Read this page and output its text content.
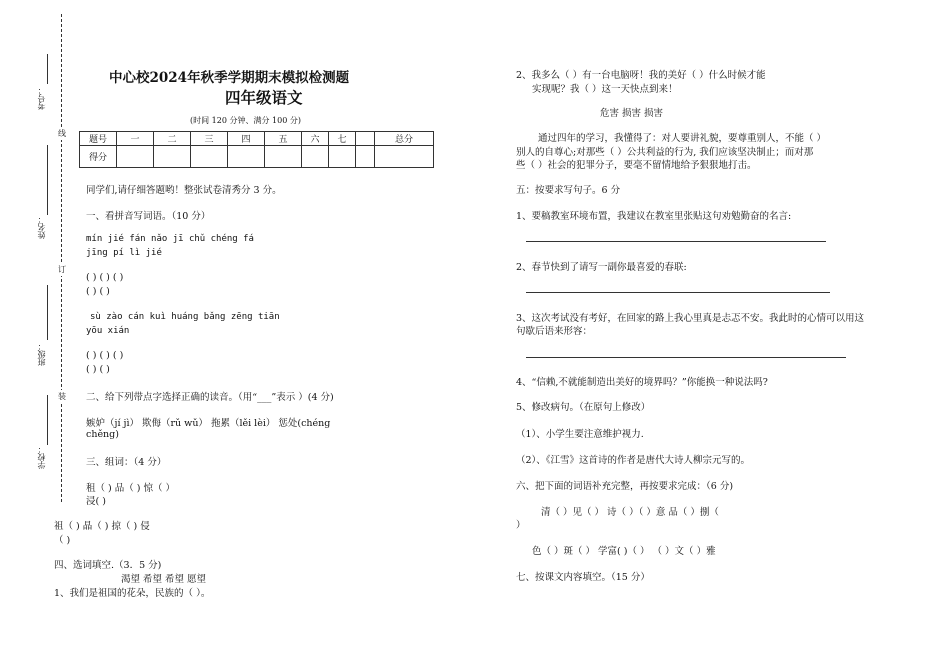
考号：
姓名：
班级：
学校：
线
订
装
中心校2024年秋季学期期末模拟检测题
四年级语文
(时间 120 分钟、满分 100 分)
题号	一	二	三	四	五	六	七		总分
得分									
同学们,请仔细答题哟！整张试卷清秀分 3 分。
一、看拼音写词语。（10 分）
mín jié fán nǎo jī chǔ chéng fá
jīng pí lì jié
( ) ( ) ( )
( ) ( )
sù zào cán kuì huáng bǎng zēng tiān
yōu xián
( ) ( ) ( )
( ) ( )
二、给下列带点字选择正确的读音。（用“___”表示 ）(4 分)
嫉妒（jí jì） 欺侮（rǔ wǔ） 拖累（lěi lèi） 惩处(chéng
chěng)
三、组词：（4 分）
租（ ) 品（ ) 惊（ ）
浸( )
祖（ ) 晶（ ) 掠（ ) 侵
（ )
四、选词填空.（3．5 分)
渴望 希望 希望 愿望
1、我们是祖国的花朵，民族的（ ）。
2、我多么（ ）有一台电脑呀！我的美好（ ）什么时候才能
实现呢？我（ ）这一天快点到来！
危害 损害 损害
通过四年的学习，我懂得了：对人要讲礼貌，要尊重别人，不能（ ）
别人的自尊心;对那些（ ）公共利益的行为, 我们应该坚决制止；而对那
些（ ）社会的犯罪分子，要毫不留情地给予狠狠地打击。
五：按要求写句子。6 分
1、要稿教室环境布置，我建议在教室里张贴这句劝勉勤奋的名言:
2、春节快到了请写一副你最喜爱的春联:
3、这次考试没有考好，在回家的路上我心里真是忐忑不安。我此时的心情可以用这
句歇后语来形容：
4、“信赖,不就能制造出美好的境界吗？”你能换一种说法吗?
5、修改病句。（在原句上修改）
（1）、小学生要注意维护视力.
（2）、《江雪》这首诗的作者是唐代大诗人柳宗元写的。
六、把下面的词语补充完整，再按要求完成：（6 分)
清（ ）见（ ） 诗（ ）（ ）意 品（ ）捌（
）
色（ ）斑（ ） 学富( )（ ） （ ）文（ ）雅
七、按课文内容填空。（15 分）
